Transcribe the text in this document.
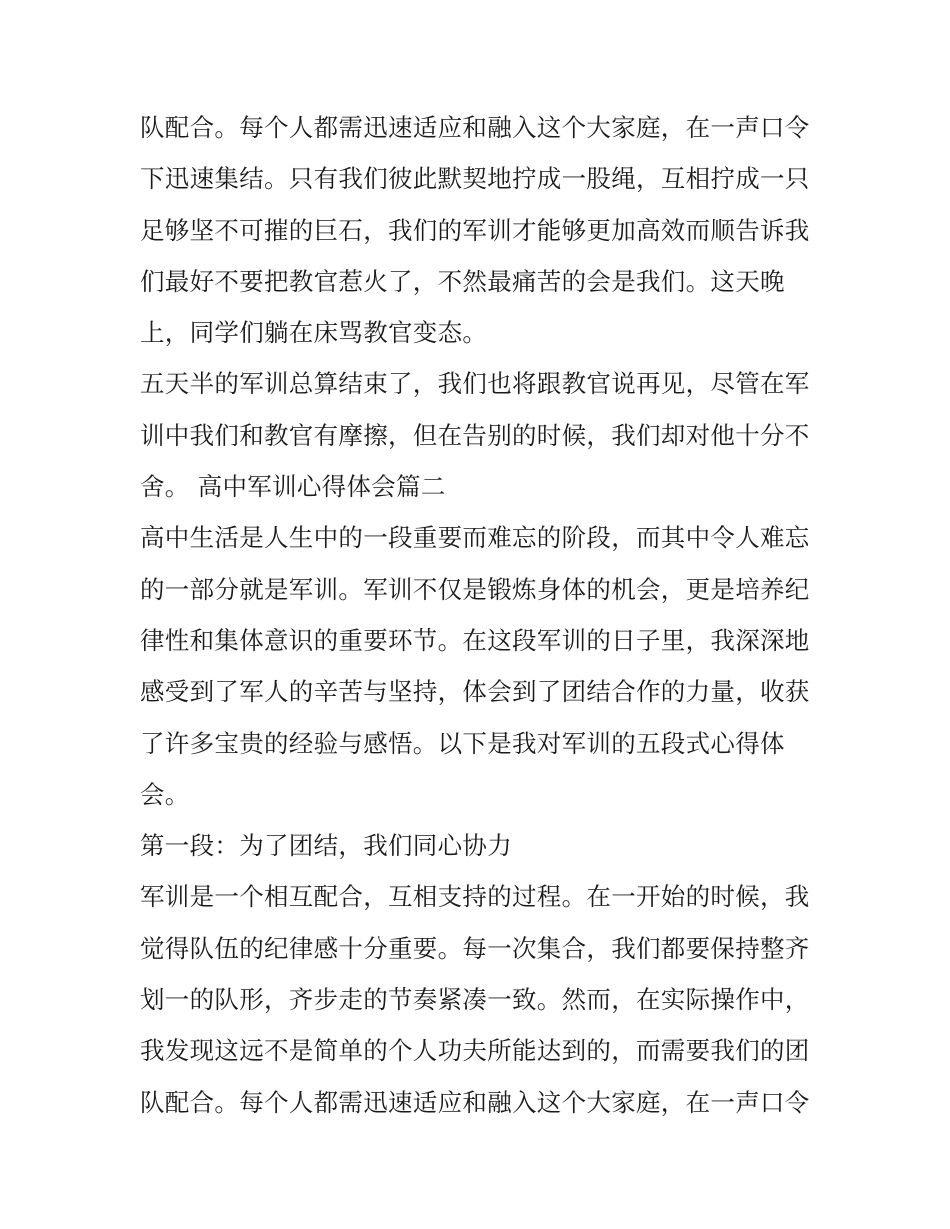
队配合。每个人都需迅速适应和融入这个大家庭，在一声口令
下迅速集结。只有我们彼此默契地拧成一股绳，互相拧成一只
足够坚不可摧的巨石，我们的军训才能够更加高效而顺告诉我
们最好不要把教官惹火了，不然最痛苦的会是我们。这天晚
上，同学们躺在床骂教官变态。
五天半的军训总算结束了，我们也将跟教官说再见，尽管在军
训中我们和教官有摩擦，但在告别的时候，我们却对他十分不
舍。 高中军训心得体会篇二
高中生活是人生中的一段重要而难忘的阶段，而其中令人难忘
的一部分就是军训。军训不仅是锻炼身体的机会，更是培养纪
律性和集体意识的重要环节。在这段军训的日子里，我深深地
感受到了军人的辛苦与坚持，体会到了团结合作的力量，收获
了许多宝贵的经验与感悟。以下是我对军训的五段式心得体
会。
第一段：为了团结，我们同心协力
军训是一个相互配合，互相支持的过程。在一开始的时候，我
觉得队伍的纪律感十分重要。每一次集合，我们都要保持整齐
划一的队形，齐步走的节奏紧凑一致。然而，在实际操作中，
我发现这远不是简单的个人功夫所能达到的，而需要我们的团
队配合。每个人都需迅速适应和融入这个大家庭，在一声口令
